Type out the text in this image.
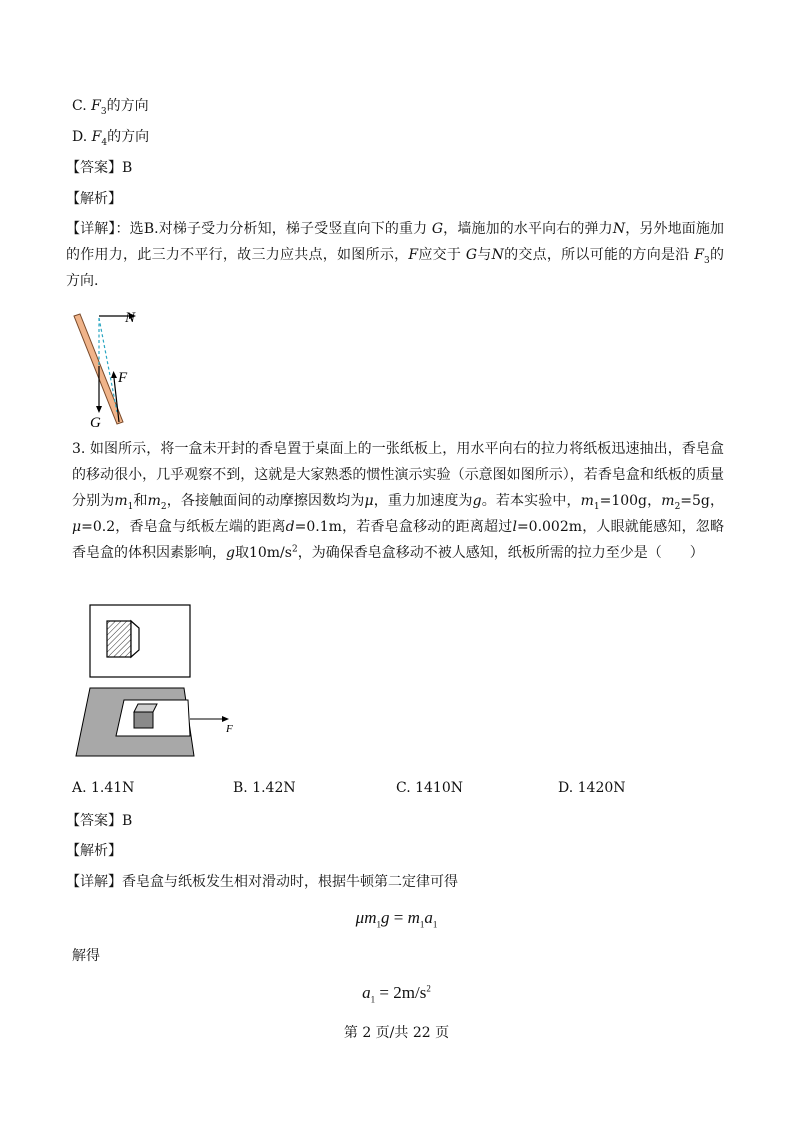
C. $F_3$的方向
D. $F_4$的方向
【答案】B
【解析】
【详解】：选B.对梯子受力分析知，梯子受竖直向下的重力 G，墙施加的水平向右的弹力N，另外地面施加的作用力，此三力不平行，故三力应共点，如图所示，F应交于 G与N的交点，所以可能的方向是沿 $F_3$的方向.
N
F
G
3. 如图所示，将一盒未开封的香皂置于桌面上的一张纸板上，用水平向右的拉力将纸板迅速抽出，香皂盒的移动很小，几乎观察不到，这就是大家熟悉的惯性演示实验（示意图如图所示），若香皂盒和纸板的质量分别为$m_1$和$m_2$，各接触面间的动摩擦因数均为μ，重力加速度为g。若本实验中，$m_1=100g$，$m_2=5g$，μ=0.2，香皂盒与纸板左端的距离d=0.1m，若香皂盒移动的距离超过l=0.002m，人眼就能感知，忽略香皂盒的体积因素影响，g取$10m/s^2$，为确保香皂盒移动不被人感知，纸板所需的拉力至少是（　　）
F
A. 1.41N	B. 1.42N	C. 1410N	D. 1420N
【答案】B
【解析】
【详解】香皂盒与纸板发生相对滑动时，根据牛顿第二定律可得
$\mu m_1g = m_1a_1$
解得
$a_1 = 2m/s^2$
第 2 页/共 22 页
